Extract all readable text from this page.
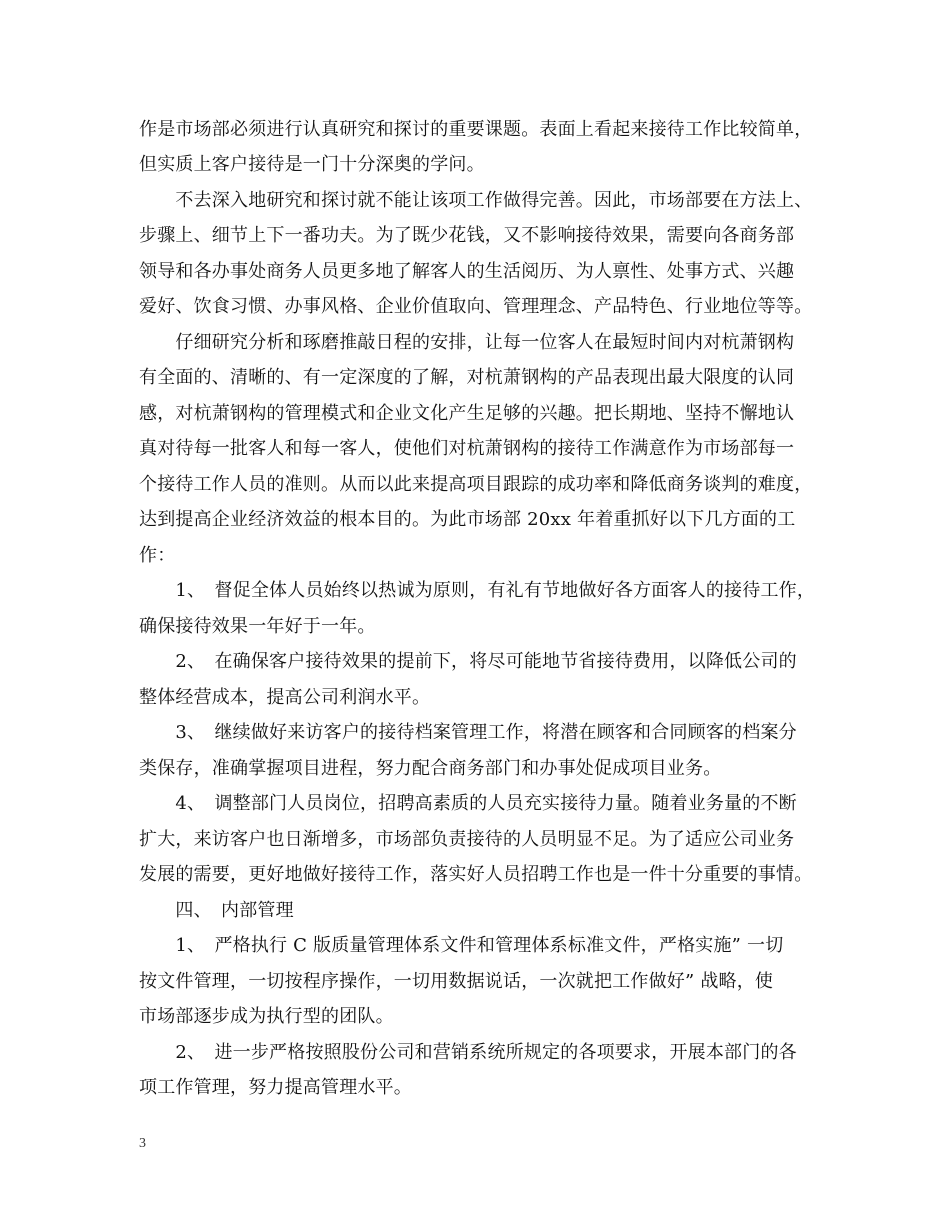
作是市场部必须进行认真研究和探讨的重要课题。表面上看起来接待工作比较简单，
但实质上客户接待是一门十分深奥的学问。
　　不去深入地研究和探讨就不能让该项工作做得完善。因此，市场部要在方法上、
步骤上、细节上下一番功夫。为了既少花钱，又不影响接待效果，需要向各商务部
领导和各办事处商务人员更多地了解客人的生活阅历、为人禀性、处事方式、兴趣
爱好、饮食习惯、办事风格、企业价值取向、管理理念、产品特色、行业地位等等。
　　仔细研究分析和琢磨推敲日程的安排，让每一位客人在最短时间内对杭萧钢构
有全面的、清晰的、有一定深度的了解，对杭萧钢构的产品表现出最大限度的认同
感，对杭萧钢构的管理模式和企业文化产生足够的兴趣。把长期地、坚持不懈地认
真对待每一批客人和每一客人，使他们对杭萧钢构的接待工作满意作为市场部每一
个接待工作人员的准则。从而以此来提高项目跟踪的成功率和降低商务谈判的难度，
达到提高企业经济效益的根本目的。为此市场部 20xx 年着重抓好以下几方面的工
作：
　　1、　督促全体人员始终以热诚为原则，有礼有节地做好各方面客人的接待工作，
确保接待效果一年好于一年。
　　2、　在确保客户接待效果的提前下，将尽可能地节省接待费用，以降低公司的
整体经营成本，提高公司利润水平。
　　3、　继续做好来访客户的接待档案管理工作，将潜在顾客和合同顾客的档案分
类保存，准确掌握项目进程，努力配合商务部门和办事处促成项目业务。
　　4、　调整部门人员岗位，招聘高素质的人员充实接待力量。随着业务量的不断
扩大，来访客户也日渐增多，市场部负责接待的人员明显不足。为了适应公司业务
发展的需要，更好地做好接待工作，落实好人员招聘工作也是一件十分重要的事情。
　　四、　内部管理
　　1、　严格执行 C 版质量管理体系文件和管理体系标准文件，严格实施” 一切
按文件管理，一切按程序操作，一切用数据说话，一次就把工作做好” 战略，使
市场部逐步成为执行型的团队。
　　2、　进一步严格按照股份公司和营销系统所规定的各项要求，开展本部门的各
项工作管理，努力提高管理水平。
3
